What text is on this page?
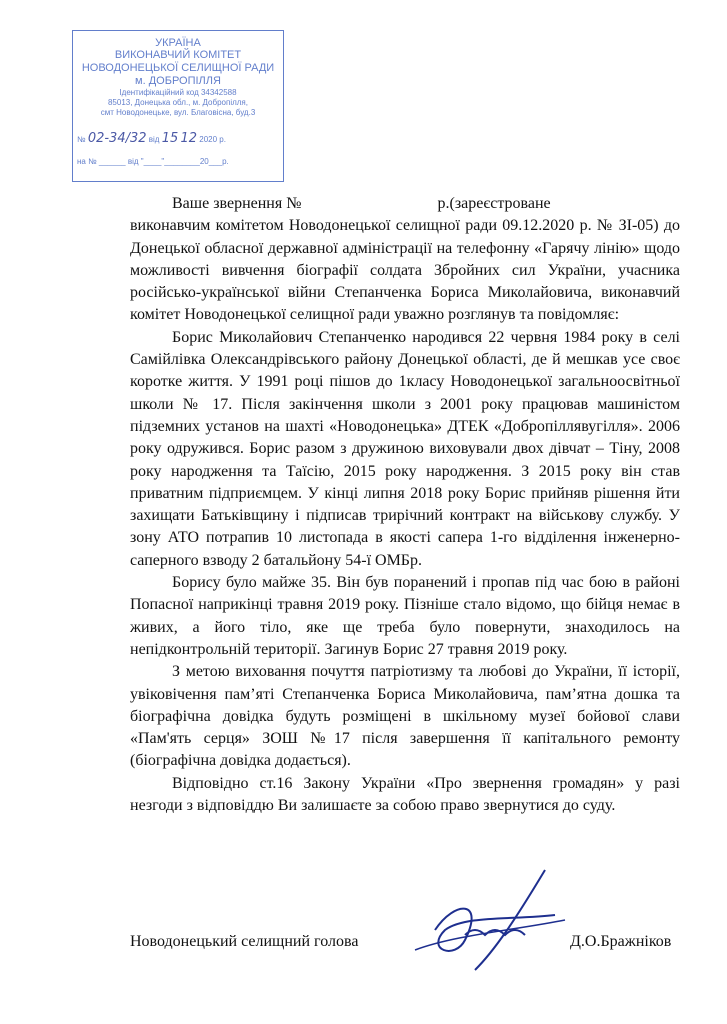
УКРАЇНА
ВИКОНАВЧИЙ КОМІТЕТ
НОВОДОНЕЦЬКОЇ СЕЛИЩНОЇ РАДИ
м. ДОБРОПІЛЛЯ
Ідентифікаційний код 34342588
85013, Донецька обл., м. Добропілля,
смт Новодонецьке, вул. Благовісна, буд.3
№ 02-34/32 від 15 12 2020 р.
на № ______ від "____"________20___р.

Ваше звернення №                                  р.(зареєстроване

виконавчим комітетом Новодонецької селищної ради 09.12.2020 р. № ЗІ-05) до Донецької обласної державної адміністрації на телефонну «Гарячу лінію» щодо можливості вивчення біографії солдата Збройних сил України, учасника російсько-української війни Степанченка Бориса Миколайовича, виконавчий комітет Новодонецької селищної ради уважно розглянув та повідомляє:

Борис Миколайович Степанченко народився 22 червня 1984 року в селі Самійлівка Олександрівського району Донецької області, де й мешкав усе своє коротке життя. У 1991 році пішов до 1класу Новодонецької загальноосвітньої школи № 17. Після закінчення школи з 2001 року працював машиністом підземних установ на шахті «Новодонецька» ДТЕК «Добропіллявугілля». 2006 року одружився. Борис разом з дружиною виховували двох дівчат – Тіну, 2008 року народження та Таїсію, 2015 року народження. З 2015 року він став приватним підприємцем. У кінці липня 2018 року Борис прийняв рішення йти захищати Батьківщину і підписав трирічний контракт на військову службу. У зону АТО потрапив 10 листопада в якості сапера 1-го відділення інженерно-саперного взводу 2 батальйону 54-ї ОМБр.

Борису було майже 35. Він був поранений і пропав під час бою в районі Попасної наприкінці травня 2019 року. Пізніше стало відомо, що бійця немає в живих, а його тіло, яке ще треба було повернути, знаходилось на непідконтрольній території. Загинув Борис 27 травня 2019 року.

З метою виховання почуття патріотизму та любові до України, її історії, увіковічення пам’яті Степанченка Бориса Миколайовича, пам’ятна дошка та біографічна довідка будуть розміщені в шкільному музеї бойової слави «Пам'ять серця» ЗОШ №17 після завершення її капітального ремонту (біографічна довідка додається).

Відповідно ст.16 Закону України «Про звернення громадян» у разі незгоди з відповіддю Ви залишаєте за собою право звернутися до суду.

Новодонецький селищний голова	Д.О.Бражніков
